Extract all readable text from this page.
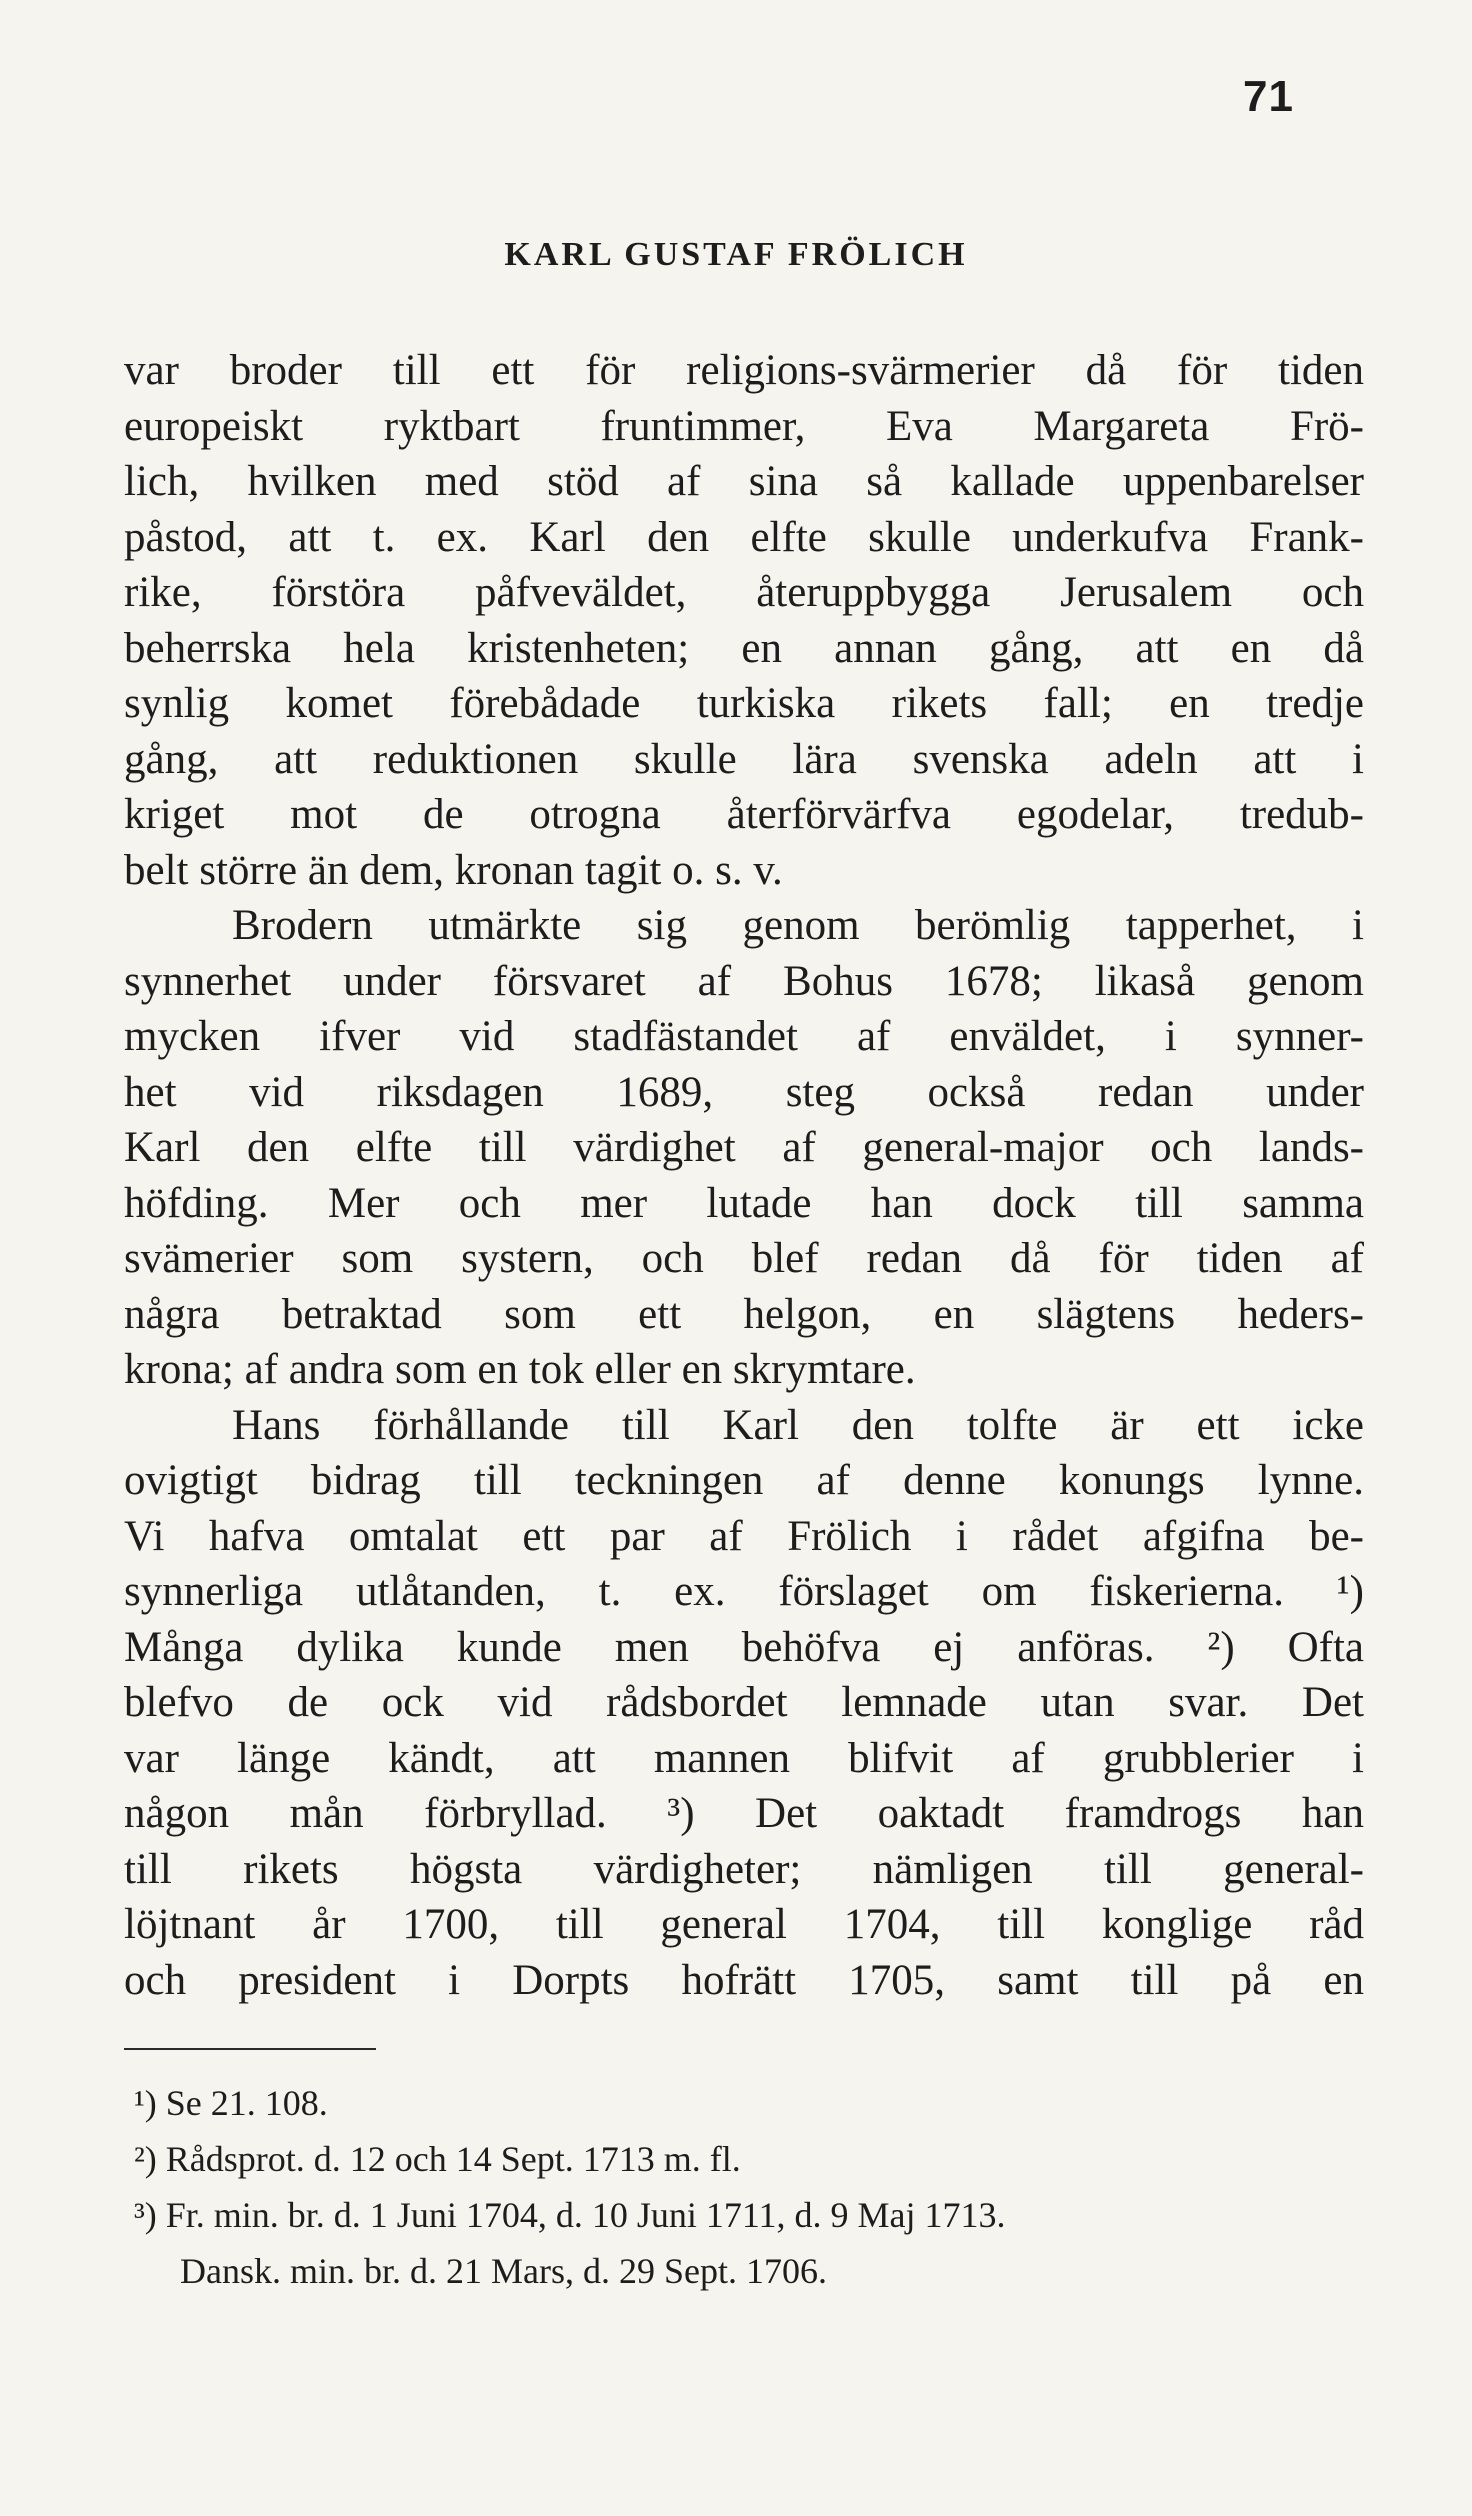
71

KARL GUSTAF FRÖLICH
var broder till ett för religions-svärmerier då för tiden
europeiskt ryktbart fruntimmer, Eva Margareta Frö-
lich, hvilken med stöd af sina så kallade uppenbarelser
påstod, att t. ex. Karl den elfte skulle underkufva Frank-
rike, förstöra påfveväldet, återuppbygga Jerusalem och
beherrska hela kristenheten; en annan gång, att en då
synlig komet förebådade turkiska rikets fall; en tredje
gång, att reduktionen skulle lära svenska adeln att i
kriget mot de otrogna återförvärfva egodelar, tredub-
belt större än dem, kronan tagit o. s. v.
Brodern utmärkte sig genom berömlig tapperhet, i
synnerhet under försvaret af Bohus 1678; likaså genom
mycken ifver vid stadfästandet af enväldet, i synner-
het vid riksdagen 1689, steg också redan under
Karl den elfte till värdighet af general-major och lands-
höfding. Mer och mer lutade han dock till samma
svämerier som systern, och blef redan då för tiden af
några betraktad som ett helgon, en slägtens heders-
krona; af andra som en tok eller en skrymtare.
Hans förhållande till Karl den tolfte är ett icke
ovigtigt bidrag till teckningen af denne konungs lynne.
Vi hafva omtalat ett par af Frölich i rådet afgifna be-
synnerliga utlåtanden, t. ex. förslaget om fiskerierna. ¹)
Många dylika kunde men behöfva ej anföras. ²) Ofta
blefvo de ock vid rådsbordet lemnade utan svar. Det
var länge kändt, att mannen blifvit af grubblerier i
någon mån förbryllad. ³) Det oaktadt framdrogs han
till rikets högsta värdigheter; nämligen till general-
löjtnant år 1700, till general 1704, till konglige råd
och president i Dorpts hofrätt 1705, samt till på en
¹) Se 21. 108.
²) Rådsprot. d. 12 och 14 Sept. 1713 m. fl.
³) Fr. min. br. d. 1 Juni 1704, d. 10 Juni 1711, d. 9 Maj 1713.
Dansk. min. br. d. 21 Mars, d. 29 Sept. 1706.
